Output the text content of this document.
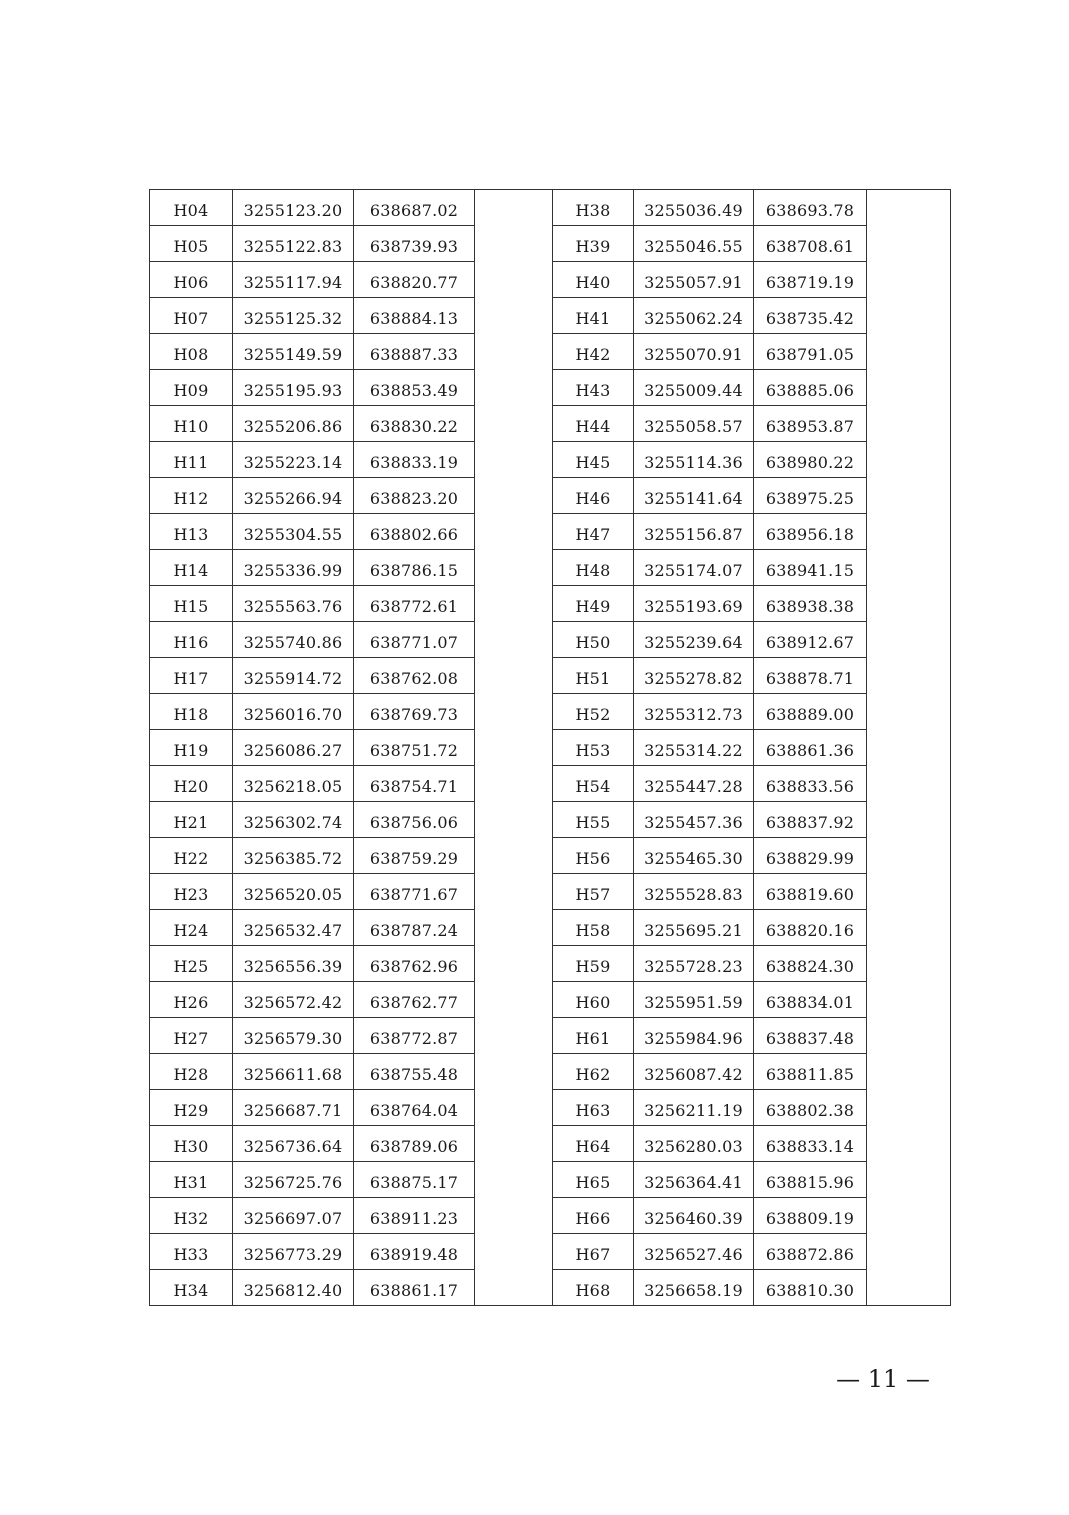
H04	3255123.20	638687.02		H38	3255036.49	638693.78	
H05	3255122.83	638739.93		H39	3255046.55	638708.61	
H06	3255117.94	638820.77		H40	3255057.91	638719.19	
H07	3255125.32	638884.13		H41	3255062.24	638735.42	
H08	3255149.59	638887.33		H42	3255070.91	638791.05	
H09	3255195.93	638853.49		H43	3255009.44	638885.06	
H10	3255206.86	638830.22		H44	3255058.57	638953.87	
H11	3255223.14	638833.19		H45	3255114.36	638980.22	
H12	3255266.94	638823.20		H46	3255141.64	638975.25	
H13	3255304.55	638802.66		H47	3255156.87	638956.18	
H14	3255336.99	638786.15		H48	3255174.07	638941.15	
H15	3255563.76	638772.61		H49	3255193.69	638938.38	
H16	3255740.86	638771.07		H50	3255239.64	638912.67	
H17	3255914.72	638762.08		H51	3255278.82	638878.71	
H18	3256016.70	638769.73		H52	3255312.73	638889.00	
H19	3256086.27	638751.72		H53	3255314.22	638861.36	
H20	3256218.05	638754.71		H54	3255447.28	638833.56	
H21	3256302.74	638756.06		H55	3255457.36	638837.92	
H22	3256385.72	638759.29		H56	3255465.30	638829.99	
H23	3256520.05	638771.67		H57	3255528.83	638819.60	
H24	3256532.47	638787.24		H58	3255695.21	638820.16	
H25	3256556.39	638762.96		H59	3255728.23	638824.30	
H26	3256572.42	638762.77		H60	3255951.59	638834.01	
H27	3256579.30	638772.87		H61	3255984.96	638837.48	
H28	3256611.68	638755.48		H62	3256087.42	638811.85	
H29	3256687.71	638764.04		H63	3256211.19	638802.38	
H30	3256736.64	638789.06		H64	3256280.03	638833.14	
H31	3256725.76	638875.17		H65	3256364.41	638815.96	
H32	3256697.07	638911.23		H66	3256460.39	638809.19	
H33	3256773.29	638919.48		H67	3256527.46	638872.86	
H34	3256812.40	638861.17		H68	3256658.19	638810.30	
— 11 —
